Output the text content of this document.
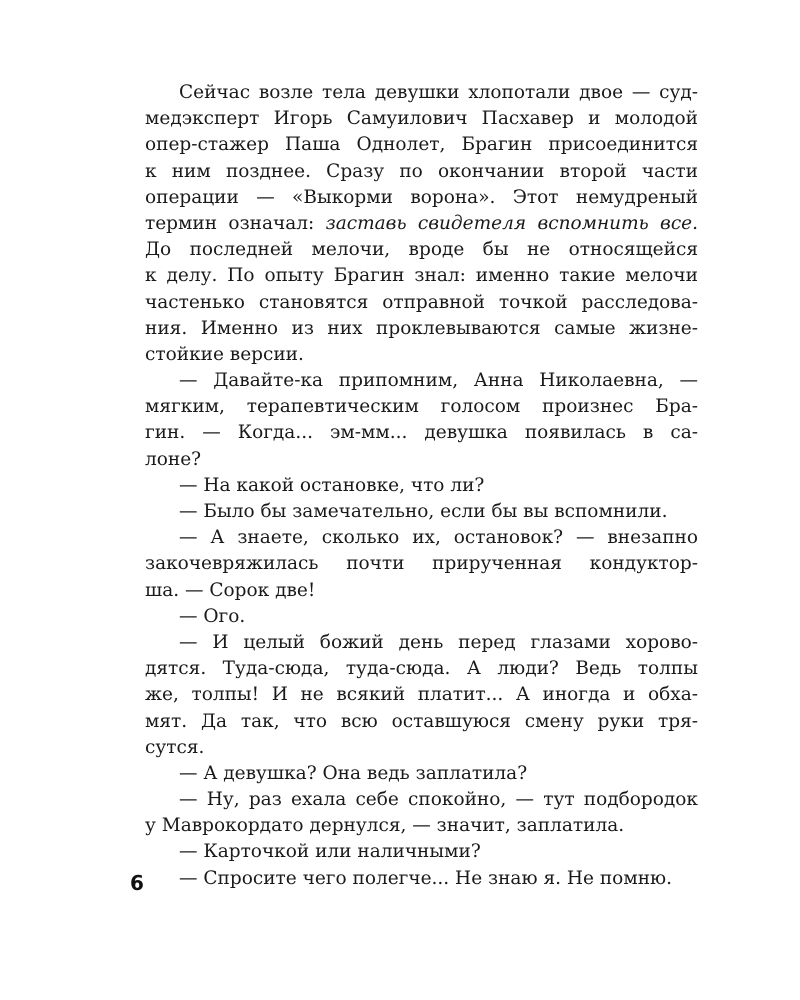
Сейчас возле тела девушки хлопотали двое — суд-
медэксперт Игорь Самуилович Пасхавер и молодой
опер-стажер Паша Однолет, Брагин присоединится
к ним позднее. Сразу по окончании второй части
операции — «Выкорми ворона». Этот немудреный
термин означал: заставь свидетеля вспомнить все.
До последней мелочи, вроде бы не относящейся
к делу. По опыту Брагин знал: именно такие мелочи
частенько становятся отправной точкой расследова-
ния. Именно из них проклевываются самые жизне-
стойкие версии.
— Давайте-ка припомним, Анна Николаевна, —
мягким, терапевтическим голосом произнес Бра-
гин. — Когда... эм-мм... девушка появилась в са-
лоне?
— На какой остановке, что ли?
— Было бы замечательно, если бы вы вспомнили.
— А знаете, сколько их, остановок? — внезапно
закочевряжилась почти прирученная кондуктор-
ша. — Сорок две!
— Ого.
— И целый божий день перед глазами хорово-
дятся. Туда-сюда, туда-сюда. А люди? Ведь толпы
же, толпы! И не всякий платит... А иногда и обха-
мят. Да так, что всю оставшуюся смену руки тря-
сутся.
— А девушка? Она ведь заплатила?
— Ну, раз ехала себе спокойно, — тут подбородок
у Маврокордато дернулся, — значит, заплатила.
— Карточкой или наличными?
— Спросите чего полегче... Не знаю я. Не помню.
6
